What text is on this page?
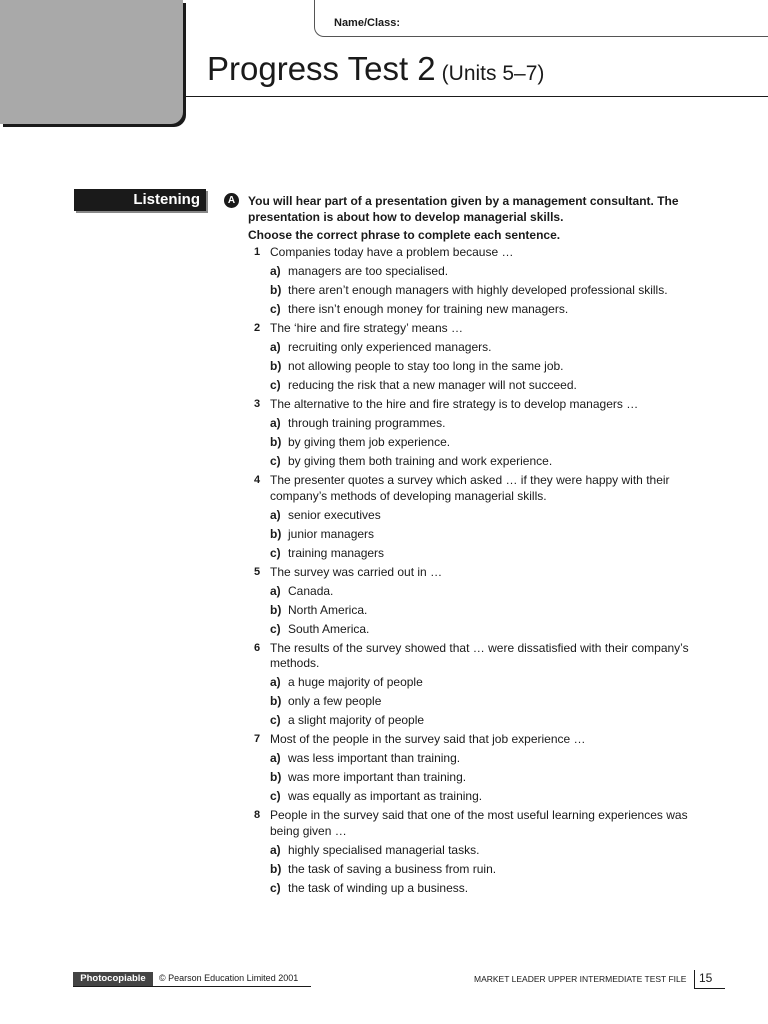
Name/Class:
Progress Test 2 (Units 5–7)
Listening	A	You will hear part of a presentation given by a management consultant. The presentation is about how to develop managerial skills.
Choose the correct phrase to complete each sentence.
1 Companies today have a problem because …
a) managers are too specialised.
b) there aren’t enough managers with highly developed professional skills.
c) there isn’t enough money for training new managers.
2 The ‘hire and fire strategy’ means …
a) recruiting only experienced managers.
b) not allowing people to stay too long in the same job.
c) reducing the risk that a new manager will not succeed.
3 The alternative to the hire and fire strategy is to develop managers …
a) through training programmes.
b) by giving them job experience.
c) by giving them both training and work experience.
4 The presenter quotes a survey which asked … if they were happy with their company’s methods of developing managerial skills.
a) senior executives
b) junior managers
c) training managers
5 The survey was carried out in …
a) Canada.
b) North America.
c) South America.
6 The results of the survey showed that … were dissatisfied with their company’s methods.
a) a huge majority of people
b) only a few people
c) a slight majority of people
7 Most of the people in the survey said that job experience …
a) was less important than training.
b) was more important than training.
c) was equally as important as training.
8 People in the survey said that one of the most useful learning experiences was being given …
a) highly specialised managerial tasks.
b) the task of saving a business from ruin.
c) the task of winding up a business.
Photocopiable	© Pearson Education Limited 2001	MARKET LEADER UPPER INTERMEDIATE TEST FILE 15
